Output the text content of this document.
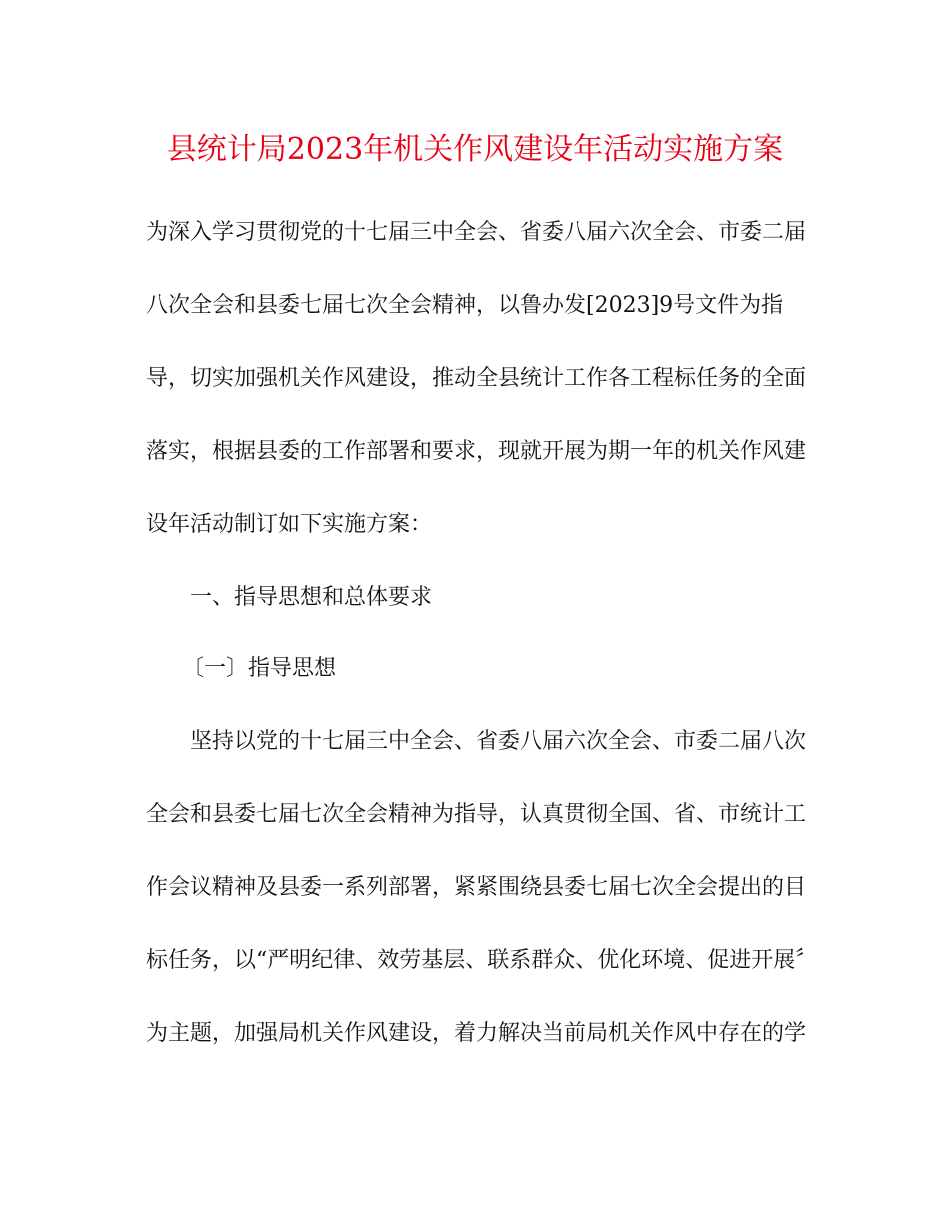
县统计局2023年机关作风建设年活动实施方案
为深入学习贯彻党的十七届三中全会、省委八届六次全会、市委二届
八次全会和县委七届七次全会精神，以鲁办发[2023]9号文件为指
导，切实加强机关作风建设，推动全县统计工作各工程标任务的全面
落实，根据县委的工作部署和要求，现就开展为期一年的机关作风建
设年活动制订如下实施方案：
一、指导思想和总体要求
〔一〕指导思想
坚持以党的十七届三中全会、省委八届六次全会、市委二届八次
全会和县委七届七次全会精神为指导，认真贯彻全国、省、市统计工
作会议精神及县委一系列部署，紧紧围绕县委七届七次全会提出的目
标任务，以“严明纪律、效劳基层、联系群众、优化环境、促进开展〞
为主题，加强局机关作风建设，着力解决当前局机关作风中存在的学
